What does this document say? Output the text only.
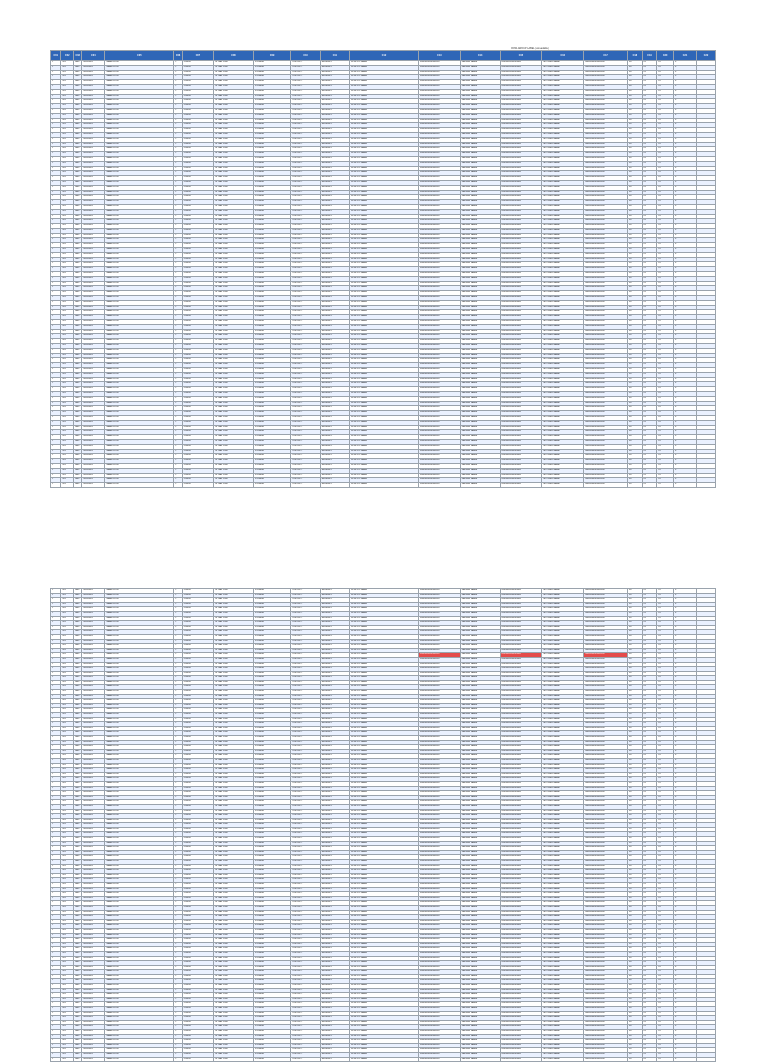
ROW-GROUP LABEL (unreadable)
C01	C02	C03	C04	C05	C06	C07	C08	C09	C10	C11	C12	C13	C14	C15	C16	C17	C18	C19	C20	C21	C22
1	001	PAD	00000001	NAME ROW	L	PLACE	01 JAN 2000	VILLAGE	DISTRICT	REGENCY	SCHOOL NAME	0000000000000000	FATHER NAME	0000000000000000	MOTHER NAME	0000000000000000	00	01	01	0	
1	001	PAD	00000001	NAME ROW	L	PLACE	01 JAN 2000	VILLAGE	DISTRICT	REGENCY	SCHOOL NAME	0000000000000000	FATHER NAME	0000000000000000	MOTHER NAME	0000000000000000	00	01	01	0	
1	001	PAD	00000001	NAME ROW	L	PLACE	01 JAN 2000	VILLAGE	DISTRICT	REGENCY	SCHOOL NAME	0000000000000000	FATHER NAME	0000000000000000	MOTHER NAME	0000000000000000	00	01	01	0	
1	001	PAD	00000001	NAME ROW	L	PLACE	01 JAN 2000	VILLAGE	DISTRICT	REGENCY	SCHOOL NAME	0000000000000000	FATHER NAME	0000000000000000	MOTHER NAME	0000000000000000	00	01	01	0	
1	001	PAD	00000001	NAME ROW	L	PLACE	01 JAN 2000	VILLAGE	DISTRICT	REGENCY	SCHOOL NAME	0000000000000000	FATHER NAME	0000000000000000	MOTHER NAME	0000000000000000	00	01	01	0	
1	001	PAD	00000001	NAME ROW	L	PLACE	01 JAN 2000	VILLAGE	DISTRICT	REGENCY	SCHOOL NAME	0000000000000000	FATHER NAME	0000000000000000	MOTHER NAME	0000000000000000	00	01	01	0	
1	001	PAD	00000001	NAME ROW	L	PLACE	01 JAN 2000	VILLAGE	DISTRICT	REGENCY	SCHOOL NAME	0000000000000000	FATHER NAME	0000000000000000	MOTHER NAME	0000000000000000	00	01	01	0	
1	001	PAD	00000001	NAME ROW	L	PLACE	01 JAN 2000	VILLAGE	DISTRICT	REGENCY	SCHOOL NAME	0000000000000000	FATHER NAME	0000000000000000	MOTHER NAME	0000000000000000	00	01	01	0	
1	001	PAD	00000001	NAME ROW	L	PLACE	01 JAN 2000	VILLAGE	DISTRICT	REGENCY	SCHOOL NAME	0000000000000000	FATHER NAME	0000000000000000	MOTHER NAME	0000000000000000	00	01	01	0	
1	001	PAD	00000001	NAME ROW	L	PLACE	01 JAN 2000	VILLAGE	DISTRICT	REGENCY	SCHOOL NAME	0000000000000000	FATHER NAME	0000000000000000	MOTHER NAME	0000000000000000	00	01	01	0	
1	001	PAD	00000001	NAME ROW	L	PLACE	01 JAN 2000	VILLAGE	DISTRICT	REGENCY	SCHOOL NAME	0000000000000000	FATHER NAME	0000000000000000	MOTHER NAME	0000000000000000	00	01	01	0	
1	001	PAD	00000001	NAME ROW	L	PLACE	01 JAN 2000	VILLAGE	DISTRICT	REGENCY	SCHOOL NAME	0000000000000000	FATHER NAME	0000000000000000	MOTHER NAME	0000000000000000	00	01	01	0	
1	001	PAD	00000001	NAME ROW	L	PLACE	01 JAN 2000	VILLAGE	DISTRICT	REGENCY	SCHOOL NAME	0000000000000000	FATHER NAME	0000000000000000	MOTHER NAME	0000000000000000	00	01	01	0	
1	001	PAD	00000001	NAME ROW	L	PLACE	01 JAN 2000	VILLAGE	DISTRICT	REGENCY	SCHOOL NAME	0000000000000000	FATHER NAME	0000000000000000	MOTHER NAME	0000000000000000	00	01	01	0	
1	001	PAD	00000001	NAME ROW	L	PLACE	01 JAN 2000	VILLAGE	DISTRICT	REGENCY	SCHOOL NAME	0000000000000000	FATHER NAME	0000000000000000	MOTHER NAME	0000000000000000	00	01	01	0	
1	001	PAD	00000001	NAME ROW	L	PLACE	01 JAN 2000	VILLAGE	DISTRICT	REGENCY	SCHOOL NAME	0000000000000000	FATHER NAME	0000000000000000	MOTHER NAME	0000000000000000	00	01	01	0	
1	001	PAD	00000001	NAME ROW	L	PLACE	01 JAN 2000	VILLAGE	DISTRICT	REGENCY	SCHOOL NAME	0000000000000000	FATHER NAME	0000000000000000	MOTHER NAME	0000000000000000	00	01	01	0	
1	001	PAD	00000001	NAME ROW	L	PLACE	01 JAN 2000	VILLAGE	DISTRICT	REGENCY	SCHOOL NAME	0000000000000000	FATHER NAME	0000000000000000	MOTHER NAME	0000000000000000	00	01	01	0	
1	001	PAD	00000001	NAME ROW	L	PLACE	01 JAN 2000	VILLAGE	DISTRICT	REGENCY	SCHOOL NAME	0000000000000000	FATHER NAME	0000000000000000	MOTHER NAME	0000000000000000	00	01	01	0	
1	001	PAD	00000001	NAME ROW	L	PLACE	01 JAN 2000	VILLAGE	DISTRICT	REGENCY	SCHOOL NAME	0000000000000000	FATHER NAME	0000000000000000	MOTHER NAME	0000000000000000	00	01	01	0	
1	001	PAD	00000001	NAME ROW	L	PLACE	01 JAN 2000	VILLAGE	DISTRICT	REGENCY	SCHOOL NAME	0000000000000000	FATHER NAME	0000000000000000	MOTHER NAME	0000000000000000	00	01	01	0	
1	001	PAD	00000001	NAME ROW	L	PLACE	01 JAN 2000	VILLAGE	DISTRICT	REGENCY	SCHOOL NAME	0000000000000000	FATHER NAME	0000000000000000	MOTHER NAME	0000000000000000	00	01	01	0	
1	001	PAD	00000001	NAME ROW	L	PLACE	01 JAN 2000	VILLAGE	DISTRICT	REGENCY	SCHOOL NAME	0000000000000000	FATHER NAME	0000000000000000	MOTHER NAME	0000000000000000	00	01	01	0	
1	001	PAD	00000001	NAME ROW	L	PLACE	01 JAN 2000	VILLAGE	DISTRICT	REGENCY	SCHOOL NAME	0000000000000000	FATHER NAME	0000000000000000	MOTHER NAME	0000000000000000	00	01	01	0	
1	001	PAD	00000001	NAME ROW	L	PLACE	01 JAN 2000	VILLAGE	DISTRICT	REGENCY	SCHOOL NAME	0000000000000000	FATHER NAME	0000000000000000	MOTHER NAME	0000000000000000	00	01	01	0	
1	001	PAD	00000001	NAME ROW	L	PLACE	01 JAN 2000	VILLAGE	DISTRICT	REGENCY	SCHOOL NAME	0000000000000000	FATHER NAME	0000000000000000	MOTHER NAME	0000000000000000	00	01	01	0	
1	001	PAD	00000001	NAME ROW	L	PLACE	01 JAN 2000	VILLAGE	DISTRICT	REGENCY	SCHOOL NAME	0000000000000000	FATHER NAME	0000000000000000	MOTHER NAME	0000000000000000	00	01	01	0	
1	001	PAD	00000001	NAME ROW	L	PLACE	01 JAN 2000	VILLAGE	DISTRICT	REGENCY	SCHOOL NAME	0000000000000000	FATHER NAME	0000000000000000	MOTHER NAME	0000000000000000	00	01	01	0	
1	001	PAD	00000001	NAME ROW	L	PLACE	01 JAN 2000	VILLAGE	DISTRICT	REGENCY	SCHOOL NAME	0000000000000000	FATHER NAME	0000000000000000	MOTHER NAME	0000000000000000	00	01	01	0	
1	001	PAD	00000001	NAME ROW	L	PLACE	01 JAN 2000	VILLAGE	DISTRICT	REGENCY	SCHOOL NAME	0000000000000000	FATHER NAME	0000000000000000	MOTHER NAME	0000000000000000	00	01	01	0	
1	001	PAD	00000001	NAME ROW	L	PLACE	01 JAN 2000	VILLAGE	DISTRICT	REGENCY	SCHOOL NAME	0000000000000000	FATHER NAME	0000000000000000	MOTHER NAME	0000000000000000	00	01	01	0	
1	001	PAD	00000001	NAME ROW	L	PLACE	01 JAN 2000	VILLAGE	DISTRICT	REGENCY	SCHOOL NAME	0000000000000000	FATHER NAME	0000000000000000	MOTHER NAME	0000000000000000	00	01	01	0	
1	001	PAD	00000001	NAME ROW	L	PLACE	01 JAN 2000	VILLAGE	DISTRICT	REGENCY	SCHOOL NAME	0000000000000000	FATHER NAME	0000000000000000	MOTHER NAME	0000000000000000	00	01	01	0	
1	001	PAD	00000001	NAME ROW	L	PLACE	01 JAN 2000	VILLAGE	DISTRICT	REGENCY	SCHOOL NAME	0000000000000000	FATHER NAME	0000000000000000	MOTHER NAME	0000000000000000	00	01	01	0	
1	001	PAD	00000001	NAME ROW	L	PLACE	01 JAN 2000	VILLAGE	DISTRICT	REGENCY	SCHOOL NAME	0000000000000000	FATHER NAME	0000000000000000	MOTHER NAME	0000000000000000	00	01	01	0	
1	001	PAD	00000001	NAME ROW	L	PLACE	01 JAN 2000	VILLAGE	DISTRICT	REGENCY	SCHOOL NAME	0000000000000000	FATHER NAME	0000000000000000	MOTHER NAME	0000000000000000	00	01	01	0	
1	001	PAD	00000001	NAME ROW	L	PLACE	01 JAN 2000	VILLAGE	DISTRICT	REGENCY	SCHOOL NAME	0000000000000000	FATHER NAME	0000000000000000	MOTHER NAME	0000000000000000	00	01	01	0	
1	001	PAD	00000001	NAME ROW	L	PLACE	01 JAN 2000	VILLAGE	DISTRICT	REGENCY	SCHOOL NAME	0000000000000000	FATHER NAME	0000000000000000	MOTHER NAME	0000000000000000	00	01	01	0	
1	001	PAD	00000001	NAME ROW	L	PLACE	01 JAN 2000	VILLAGE	DISTRICT	REGENCY	SCHOOL NAME	0000000000000000	FATHER NAME	0000000000000000	MOTHER NAME	0000000000000000	00	01	01	0	
1	001	PAD	00000001	NAME ROW	L	PLACE	01 JAN 2000	VILLAGE	DISTRICT	REGENCY	SCHOOL NAME	0000000000000000	FATHER NAME	0000000000000000	MOTHER NAME	0000000000000000	00	01	01	0	
1	001	PAD	00000001	NAME ROW	L	PLACE	01 JAN 2000	VILLAGE	DISTRICT	REGENCY	SCHOOL NAME	0000000000000000	FATHER NAME	0000000000000000	MOTHER NAME	0000000000000000	00	01	01	0	
1	001	PAD	00000001	NAME ROW	L	PLACE	01 JAN 2000	VILLAGE	DISTRICT	REGENCY	SCHOOL NAME	0000000000000000	FATHER NAME	0000000000000000	MOTHER NAME	0000000000000000	00	01	01	0	
1	001	PAD	00000001	NAME ROW	L	PLACE	01 JAN 2000	VILLAGE	DISTRICT	REGENCY	SCHOOL NAME	0000000000000000	FATHER NAME	0000000000000000	MOTHER NAME	0000000000000000	00	01	01	0	
1	001	PAD	00000001	NAME ROW	L	PLACE	01 JAN 2000	VILLAGE	DISTRICT	REGENCY	SCHOOL NAME	0000000000000000	FATHER NAME	0000000000000000	MOTHER NAME	0000000000000000	00	01	01	0	
1	001	PAD	00000001	NAME ROW	L	PLACE	01 JAN 2000	VILLAGE	DISTRICT	REGENCY	SCHOOL NAME	0000000000000000	FATHER NAME	0000000000000000	MOTHER NAME	0000000000000000	00	01	01	0	
1	001	PAD	00000001	NAME ROW	L	PLACE	01 JAN 2000	VILLAGE	DISTRICT	REGENCY	SCHOOL NAME	0000000000000000	FATHER NAME	0000000000000000	MOTHER NAME	0000000000000000	00	01	01	0	
1	001	PAD	00000001	NAME ROW	L	PLACE	01 JAN 2000	VILLAGE	DISTRICT	REGENCY	SCHOOL NAME	0000000000000000	FATHER NAME	0000000000000000	MOTHER NAME	0000000000000000	00	01	01	0	
1	001	PAD	00000001	NAME ROW	L	PLACE	01 JAN 2000	VILLAGE	DISTRICT	REGENCY	SCHOOL NAME	0000000000000000	FATHER NAME	0000000000000000	MOTHER NAME	0000000000000000	00	01	01	0	
1	001	PAD	00000001	NAME ROW	L	PLACE	01 JAN 2000	VILLAGE	DISTRICT	REGENCY	SCHOOL NAME	0000000000000000	FATHER NAME	0000000000000000	MOTHER NAME	0000000000000000	00	01	01	0	
1	001	PAD	00000001	NAME ROW	L	PLACE	01 JAN 2000	VILLAGE	DISTRICT	REGENCY	SCHOOL NAME	0000000000000000	FATHER NAME	0000000000000000	MOTHER NAME	0000000000000000	00	01	01	0	
1	001	PAD	00000001	NAME ROW	L	PLACE	01 JAN 2000	VILLAGE	DISTRICT	REGENCY	SCHOOL NAME	0000000000000000	FATHER NAME	0000000000000000	MOTHER NAME	0000000000000000	00	01	01	0	
1	001	PAD	00000001	NAME ROW	L	PLACE	01 JAN 2000	VILLAGE	DISTRICT	REGENCY	SCHOOL NAME	0000000000000000	FATHER NAME	0000000000000000	MOTHER NAME	0000000000000000	00	01	01	0	
1	001	PAD	00000001	NAME ROW	L	PLACE	01 JAN 2000	VILLAGE	DISTRICT	REGENCY	SCHOOL NAME	0000000000000000	FATHER NAME	0000000000000000	MOTHER NAME	0000000000000000	00	01	01	0	
1	001	PAD	00000001	NAME ROW	L	PLACE	01 JAN 2000	VILLAGE	DISTRICT	REGENCY	SCHOOL NAME	0000000000000000	FATHER NAME	0000000000000000	MOTHER NAME	0000000000000000	00	01	01	0	
1	001	PAD	00000001	NAME ROW	L	PLACE	01 JAN 2000	VILLAGE	DISTRICT	REGENCY	SCHOOL NAME	0000000000000000	FATHER NAME	0000000000000000	MOTHER NAME	0000000000000000	00	01	01	0	
1	001	PAD	00000001	NAME ROW	L	PLACE	01 JAN 2000	VILLAGE	DISTRICT	REGENCY	SCHOOL NAME	0000000000000000	FATHER NAME	0000000000000000	MOTHER NAME	0000000000000000	00	01	01	0	
1	001	PAD	00000001	NAME ROW	L	PLACE	01 JAN 2000	VILLAGE	DISTRICT	REGENCY	SCHOOL NAME	0000000000000000	FATHER NAME	0000000000000000	MOTHER NAME	0000000000000000	00	01	01	0	
1	001	PAD	00000001	NAME ROW	L	PLACE	01 JAN 2000	VILLAGE	DISTRICT	REGENCY	SCHOOL NAME	0000000000000000	FATHER NAME	0000000000000000	MOTHER NAME	0000000000000000	00	01	01	0	
1	001	PAD	00000001	NAME ROW	L	PLACE	01 JAN 2000	VILLAGE	DISTRICT	REGENCY	SCHOOL NAME	0000000000000000	FATHER NAME	0000000000000000	MOTHER NAME	0000000000000000	00	01	01	0	
1	001	PAD	00000001	NAME ROW	L	PLACE	01 JAN 2000	VILLAGE	DISTRICT	REGENCY	SCHOOL NAME	0000000000000000	FATHER NAME	0000000000000000	MOTHER NAME	0000000000000000	00	01	01	0	
1	001	PAD	00000001	NAME ROW	L	PLACE	01 JAN 2000	VILLAGE	DISTRICT	REGENCY	SCHOOL NAME	0000000000000000	FATHER NAME	0000000000000000	MOTHER NAME	0000000000000000	00	01	01	0	
1	001	PAD	00000001	NAME ROW	L	PLACE	01 JAN 2000	VILLAGE	DISTRICT	REGENCY	SCHOOL NAME	0000000000000000	FATHER NAME	0000000000000000	MOTHER NAME	0000000000000000	00	01	01	0	
1	001	PAD	00000001	NAME ROW	L	PLACE	01 JAN 2000	VILLAGE	DISTRICT	REGENCY	SCHOOL NAME	0000000000000000	FATHER NAME	0000000000000000	MOTHER NAME	0000000000000000	00	01	01	0	
1	001	PAD	00000001	NAME ROW	L	PLACE	01 JAN 2000	VILLAGE	DISTRICT	REGENCY	SCHOOL NAME	0000000000000000	FATHER NAME	0000000000000000	MOTHER NAME	0000000000000000	00	01	01	0	
1	001	PAD	00000001	NAME ROW	L	PLACE	01 JAN 2000	VILLAGE	DISTRICT	REGENCY	SCHOOL NAME	0000000000000000	FATHER NAME	0000000000000000	MOTHER NAME	0000000000000000	00	01	01	0	
1	001	PAD	00000001	NAME ROW	L	PLACE	01 JAN 2000	VILLAGE	DISTRICT	REGENCY	SCHOOL NAME	0000000000000000	FATHER NAME	0000000000000000	MOTHER NAME	0000000000000000	00	01	01	0	
1	001	PAD	00000001	NAME ROW	L	PLACE	01 JAN 2000	VILLAGE	DISTRICT	REGENCY	SCHOOL NAME	0000000000000000	FATHER NAME	0000000000000000	MOTHER NAME	0000000000000000	00	01	01	0	
1	001	PAD	00000001	NAME ROW	L	PLACE	01 JAN 2000	VILLAGE	DISTRICT	REGENCY	SCHOOL NAME	0000000000000000	FATHER NAME	0000000000000000	MOTHER NAME	0000000000000000	00	01	01	0	
1	001	PAD	00000001	NAME ROW	L	PLACE	01 JAN 2000	VILLAGE	DISTRICT	REGENCY	SCHOOL NAME	0000000000000000	FATHER NAME	0000000000000000	MOTHER NAME	0000000000000000	00	01	01	0	
1	001	PAD	00000001	NAME ROW	L	PLACE	01 JAN 2000	VILLAGE	DISTRICT	REGENCY	SCHOOL NAME	0000000000000000	FATHER NAME	0000000000000000	MOTHER NAME	0000000000000000	00	01	01	0	
1	001	PAD	00000001	NAME ROW	L	PLACE	01 JAN 2000	VILLAGE	DISTRICT	REGENCY	SCHOOL NAME	0000000000000000	FATHER NAME	0000000000000000	MOTHER NAME	0000000000000000	00	01	01	0	
1	001	PAD	00000001	NAME ROW	L	PLACE	01 JAN 2000	VILLAGE	DISTRICT	REGENCY	SCHOOL NAME	0000000000000000	FATHER NAME	0000000000000000	MOTHER NAME	0000000000000000	00	01	01	0	
1	001	PAD	00000001	NAME ROW	L	PLACE	01 JAN 2000	VILLAGE	DISTRICT	REGENCY	SCHOOL NAME	0000000000000000	FATHER NAME	0000000000000000	MOTHER NAME	0000000000000000	00	01	01	0	
1	001	PAD	00000001	NAME ROW	L	PLACE	01 JAN 2000	VILLAGE	DISTRICT	REGENCY	SCHOOL NAME	0000000000000000	FATHER NAME	0000000000000000	MOTHER NAME	0000000000000000	00	01	01	0	
1	001	PAD	00000001	NAME ROW	L	PLACE	01 JAN 2000	VILLAGE	DISTRICT	REGENCY	SCHOOL NAME	0000000000000000	FATHER NAME	0000000000000000	MOTHER NAME	0000000000000000	00	01	01	0	
1	001	PAD	00000001	NAME ROW	L	PLACE	01 JAN 2000	VILLAGE	DISTRICT	REGENCY	SCHOOL NAME	0000000000000000	FATHER NAME	0000000000000000	MOTHER NAME	0000000000000000	00	01	01	0	
1	001	PAD	00000001	NAME ROW	L	PLACE	01 JAN 2000	VILLAGE	DISTRICT	REGENCY	SCHOOL NAME	0000000000000000	FATHER NAME	0000000000000000	MOTHER NAME	0000000000000000	00	01	01	0	
1	001	PAD	00000001	NAME ROW	L	PLACE	01 JAN 2000	VILLAGE	DISTRICT	REGENCY	SCHOOL NAME	0000000000000000	FATHER NAME	0000000000000000	MOTHER NAME	0000000000000000	00	01	01	0	
1	001	PAD	00000001	NAME ROW	L	PLACE	01 JAN 2000	VILLAGE	DISTRICT	REGENCY	SCHOOL NAME	0000000000000000	FATHER NAME	0000000000000000	MOTHER NAME	0000000000000000	00	01	01	0	
1	001	PAD	00000001	NAME ROW	L	PLACE	01 JAN 2000	VILLAGE	DISTRICT	REGENCY	SCHOOL NAME	0000000000000000	FATHER NAME	0000000000000000	MOTHER NAME	0000000000000000	00	01	01	0	
1	001	PAD	00000001	NAME ROW	L	PLACE	01 JAN 2000	VILLAGE	DISTRICT	REGENCY	SCHOOL NAME	0000000000000000	FATHER NAME	0000000000000000	MOTHER NAME	0000000000000000	00	01	01	0	
1	001	PAD	00000001	NAME ROW	L	PLACE	01 JAN 2000	VILLAGE	DISTRICT	REGENCY	SCHOOL NAME	0000000000000000	FATHER NAME	0000000000000000	MOTHER NAME	0000000000000000	00	01	01	0	
1	001	PAD	00000001	NAME ROW	L	PLACE	01 JAN 2000	VILLAGE	DISTRICT	REGENCY	SCHOOL NAME	0000000000000000	FATHER NAME	0000000000000000	MOTHER NAME	0000000000000000	00	01	01	0	
1	001	PAD	00000001	NAME ROW	L	PLACE	01 JAN 2000	VILLAGE	DISTRICT	REGENCY	SCHOOL NAME	0000000000000000	FATHER NAME	0000000000000000	MOTHER NAME	0000000000000000	00	01	01	0	
1	001	PAD	00000001	NAME ROW	L	PLACE	01 JAN 2000	VILLAGE	DISTRICT	REGENCY	SCHOOL NAME	0000000000000000	FATHER NAME	0000000000000000	MOTHER NAME	0000000000000000	00	01	01	0	
1	001	PAD	00000001	NAME ROW	L	PLACE	01 JAN 2000	VILLAGE	DISTRICT	REGENCY	SCHOOL NAME	0000000000000000	FATHER NAME	0000000000000000	MOTHER NAME	0000000000000000	00	01	01	0	
1	001	PAD	00000001	NAME ROW	L	PLACE	01 JAN 2000	VILLAGE	DISTRICT	REGENCY	SCHOOL NAME	0000000000000000	FATHER NAME	0000000000000000	MOTHER NAME	0000000000000000	00	01	01	0	
1	001	PAD	00000001	NAME ROW	L	PLACE	01 JAN 2000	VILLAGE	DISTRICT	REGENCY	SCHOOL NAME	0000000000000000	FATHER NAME	0000000000000000	MOTHER NAME	0000000000000000	00	01	01	0	
1	001	PAD	00000001	NAME ROW	L	PLACE	01 JAN 2000	VILLAGE	DISTRICT	REGENCY	SCHOOL NAME	0000000000000000	FATHER NAME	0000000000000000	MOTHER NAME	0000000000000000	00	01	01	0	
1	001	PAD	00000001	NAME ROW	L	PLACE	01 JAN 2000	VILLAGE	DISTRICT	REGENCY	SCHOOL NAME	0000000000000000	FATHER NAME	0000000000000000	MOTHER NAME	0000000000000000	00	01	01	0	
1	001	PAD	00000001	NAME ROW	L	PLACE	01 JAN 2000	VILLAGE	DISTRICT	REGENCY	SCHOOL NAME	0000000000000000	FATHER NAME	0000000000000000	MOTHER NAME	0000000000000000	00	01	01	0	
1	001	PAD	00000001	NAME ROW	L	PLACE	01 JAN 2000	VILLAGE	DISTRICT	REGENCY	SCHOOL NAME	0000000000000000	FATHER NAME	0000000000000000	MOTHER NAME	0000000000000000	00	01	01	0	
1	001	PAD	00000001	NAME ROW	L	PLACE	01 JAN 2000	VILLAGE	DISTRICT	REGENCY	SCHOOL NAME	0000000000000000	FATHER NAME	0000000000000000	MOTHER NAME	0000000000000000	00	01	01	0	
1	001	PAD	00000001	NAME ROW	L	PLACE	01 JAN 2000	VILLAGE	DISTRICT	REGENCY	SCHOOL NAME	0000000000000000	FATHER NAME	0000000000000000	MOTHER NAME	0000000000000000	00	01	01	0	
1	001	PAD	00000001	NAME ROW	L	PLACE	01 JAN 2000	VILLAGE	DISTRICT	REGENCY	SCHOOL NAME	0000000000000000	FATHER NAME	0000000000000000	MOTHER NAME	0000000000000000	00	01	01	0	
1	001	PAD	00000001	NAME ROW	L	PLACE	01 JAN 2000	VILLAGE	DISTRICT	REGENCY	SCHOOL NAME	0000000000000000	FATHER NAME	0000000000000000	MOTHER NAME	0000000000000000	00	01	01	0	
1	001	PAD	00000001	NAME ROW	L	PLACE	01 JAN 2000	VILLAGE	DISTRICT	REGENCY	SCHOOL NAME	0000000000000000	FATHER NAME	0000000000000000	MOTHER NAME	0000000000000000	00	01	01	0	
1	001	PAD	00000001	NAME ROW	L	PLACE	01 JAN 2000	VILLAGE	DISTRICT	REGENCY	SCHOOL NAME	0000000000000000	FATHER NAME	0000000000000000	MOTHER NAME	0000000000000000	00	01	01	0	
1	001	PAD	00000001	NAME ROW	L	PLACE	01 JAN 2000	VILLAGE	DISTRICT	REGENCY	SCHOOL NAME	0000000000000000	FATHER NAME	0000000000000000	MOTHER NAME	0000000000000000	00	01	01	0	
1	001	PAD	00000001	NAME ROW	L	PLACE	01 JAN 2000	VILLAGE	DISTRICT	REGENCY	SCHOOL NAME	0000000000000000	FATHER NAME	0000000000000000	MOTHER NAME	0000000000000000	00	01	01	0	
1	001	PAD	00000001	NAME ROW	L	PLACE	01 JAN 2000	VILLAGE	DISTRICT	REGENCY	SCHOOL NAME	0000000000000000	FATHER NAME	0000000000000000	MOTHER NAME	0000000000000000	00	01	01	0	
1	001	PAD	00000001	NAME ROW	L	PLACE	01 JAN 2000	VILLAGE	DISTRICT	REGENCY	SCHOOL NAME	0000000000000000	FATHER NAME	0000000000000000	MOTHER NAME	0000000000000000	00	01	01	0	
1	001	PAD	00000001	NAME ROW	L	PLACE	01 JAN 2000	VILLAGE	DISTRICT	REGENCY	SCHOOL NAME	0000000000000000	FATHER NAME	0000000000000000	MOTHER NAME	0000000000000000	00	01	01	0	
1	001	PAD	00000001	NAME ROW	L	PLACE	01 JAN 2000	VILLAGE	DISTRICT	REGENCY	SCHOOL NAME	0000000000000000	FATHER NAME	0000000000000000	MOTHER NAME	0000000000000000	00	01	01	0	
1	001	PAD	00000001	NAME ROW	L	PLACE	01 JAN 2000	VILLAGE	DISTRICT	REGENCY	SCHOOL NAME	0000000000000000	FATHER NAME	0000000000000000	MOTHER NAME	0000000000000000	00	01	01	0	
1	001	PAD	00000001	NAME ROW	L	PLACE	01 JAN 2000	VILLAGE	DISTRICT	REGENCY	SCHOOL NAME	0000000000000000	FATHER NAME	0000000000000000	MOTHER NAME	0000000000000000	00	01	01	0	
1	001	PAD	00000001	NAME ROW	L	PLACE	01 JAN 2000	VILLAGE	DISTRICT	REGENCY	SCHOOL NAME	0000000000000000	FATHER NAME	0000000000000000	MOTHER NAME	0000000000000000	00	01	01	0	
1	001	PAD	00000001	NAME ROW	L	PLACE	01 JAN 2000	VILLAGE	DISTRICT	REGENCY	SCHOOL NAME	0000000000000000	FATHER NAME	0000000000000000	MOTHER NAME	0000000000000000	00	01	01	0	
1	001	PAD	00000001	NAME ROW	L	PLACE	01 JAN 2000	VILLAGE	DISTRICT	REGENCY	SCHOOL NAME	0000000000000000	FATHER NAME	0000000000000000	MOTHER NAME	0000000000000000	00	01	01	0	
1	001	PAD	00000001	NAME ROW	L	PLACE	01 JAN 2000	VILLAGE	DISTRICT	REGENCY	SCHOOL NAME	0000000000000000	FATHER NAME	0000000000000000	MOTHER NAME	0000000000000000	00	01	01	0	
1	001	PAD	00000001	NAME ROW	L	PLACE	01 JAN 2000	VILLAGE	DISTRICT	REGENCY	SCHOOL NAME	0000000000000000	FATHER NAME	0000000000000000	MOTHER NAME	0000000000000000	00	01	01	0	
1	001	PAD	00000001	NAME ROW	L	PLACE	01 JAN 2000	VILLAGE	DISTRICT	REGENCY	SCHOOL NAME	0000000000000000	FATHER NAME	0000000000000000	MOTHER NAME	0000000000000000	00	01	01	0	
1	001	PAD	00000001	NAME ROW	L	PLACE	01 JAN 2000	VILLAGE	DISTRICT	REGENCY	SCHOOL NAME	0000000000000000	FATHER NAME	0000000000000000	MOTHER NAME	0000000000000000	00	01	01	0	
1	001	PAD	00000001	NAME ROW	L	PLACE	01 JAN 2000	VILLAGE	DISTRICT	REGENCY	SCHOOL NAME	0000000000000000	FATHER NAME	0000000000000000	MOTHER NAME	0000000000000000	00	01	01	0	
1	001	PAD	00000001	NAME ROW	L	PLACE	01 JAN 2000	VILLAGE	DISTRICT	REGENCY	SCHOOL NAME	0000000000000000	FATHER NAME	0000000000000000	MOTHER NAME	0000000000000000	00	01	01	0	
1	001	PAD	00000001	NAME ROW	L	PLACE	01 JAN 2000	VILLAGE	DISTRICT	REGENCY	SCHOOL NAME	0000000000000000	FATHER NAME	0000000000000000	MOTHER NAME	0000000000000000	00	01	01	0	
1	001	PAD	00000001	NAME ROW	L	PLACE	01 JAN 2000	VILLAGE	DISTRICT	REGENCY	SCHOOL NAME	0000000000000000	FATHER NAME	0000000000000000	MOTHER NAME	0000000000000000	00	01	01	0	
1	001	PAD	00000001	NAME ROW	L	PLACE	01 JAN 2000	VILLAGE	DISTRICT	REGENCY	SCHOOL NAME	0000000000000000	FATHER NAME	0000000000000000	MOTHER NAME	0000000000000000	00	01	01	0	
1	001	PAD	00000001	NAME ROW	L	PLACE	01 JAN 2000	VILLAGE	DISTRICT	REGENCY	SCHOOL NAME	0000000000000000	FATHER NAME	0000000000000000	MOTHER NAME	0000000000000000	00	01	01	0	
1	001	PAD	00000001	NAME ROW	L	PLACE	01 JAN 2000	VILLAGE	DISTRICT	REGENCY	SCHOOL NAME	0000000000000000	FATHER NAME	0000000000000000	MOTHER NAME	0000000000000000	00	01	01	0	
1	001	PAD	00000001	NAME ROW	L	PLACE	01 JAN 2000	VILLAGE	DISTRICT	REGENCY	SCHOOL NAME	0000000000000000	FATHER NAME	0000000000000000	MOTHER NAME	0000000000000000	00	01	01	0	
1	001	PAD	00000001	NAME ROW	L	PLACE	01 JAN 2000	VILLAGE	DISTRICT	REGENCY	SCHOOL NAME	0000000000000000	FATHER NAME	0000000000000000	MOTHER NAME	0000000000000000	00	01	01	0	
1	001	PAD	00000001	NAME ROW	L	PLACE	01 JAN 2000	VILLAGE	DISTRICT	REGENCY	SCHOOL NAME	0000000000000000	FATHER NAME	0000000000000000	MOTHER NAME	0000000000000000	00	01	01	0	
1	001	PAD	00000001	NAME ROW	L	PLACE	01 JAN 2000	VILLAGE	DISTRICT	REGENCY	SCHOOL NAME	0000000000000000	FATHER NAME	0000000000000000	MOTHER NAME	0000000000000000	00	01	01	0	
1	001	PAD	00000001	NAME ROW	L	PLACE	01 JAN 2000	VILLAGE	DISTRICT	REGENCY	SCHOOL NAME	0000000000000000	FATHER NAME	0000000000000000	MOTHER NAME	0000000000000000	00	01	01	0	
1	001	PAD	00000001	NAME ROW	L	PLACE	01 JAN 2000	VILLAGE	DISTRICT	REGENCY	SCHOOL NAME	0000000000000000	FATHER NAME	0000000000000000	MOTHER NAME	0000000000000000	00	01	01	0	
1	001	PAD	00000001	NAME ROW	L	PLACE	01 JAN 2000	VILLAGE	DISTRICT	REGENCY	SCHOOL NAME	0000000000000000	FATHER NAME	0000000000000000	MOTHER NAME	0000000000000000	00	01	01	0	
1	001	PAD	00000001	NAME ROW	L	PLACE	01 JAN 2000	VILLAGE	DISTRICT	REGENCY	SCHOOL NAME	0000000000000000	FATHER NAME	0000000000000000	MOTHER NAME	0000000000000000	00	01	01	0	
1	001	PAD	00000001	NAME ROW	L	PLACE	01 JAN 2000	VILLAGE	DISTRICT	REGENCY	SCHOOL NAME	0000000000000000	FATHER NAME	0000000000000000	MOTHER NAME	0000000000000000	00	01	01	0	
1	001	PAD	00000001	NAME ROW	L	PLACE	01 JAN 2000	VILLAGE	DISTRICT	REGENCY	SCHOOL NAME	0000000000000000	FATHER NAME	0000000000000000	MOTHER NAME	0000000000000000	00	01	01	0	
1	001	PAD	00000001	NAME ROW	L	PLACE	01 JAN 2000	VILLAGE	DISTRICT	REGENCY	SCHOOL NAME	0000000000000000	FATHER NAME	0000000000000000	MOTHER NAME	0000000000000000	00	01	01	0	
1	001	PAD	00000001	NAME ROW	L	PLACE	01 JAN 2000	VILLAGE	DISTRICT	REGENCY	SCHOOL NAME	0000000000000000	FATHER NAME	0000000000000000	MOTHER NAME	0000000000000000	00	01	01	0	
1	001	PAD	00000001	NAME ROW	L	PLACE	01 JAN 2000	VILLAGE	DISTRICT	REGENCY	SCHOOL NAME	0000000000000000	FATHER NAME	0000000000000000	MOTHER NAME	0000000000000000	00	01	01	0	
1	001	PAD	00000001	NAME ROW	L	PLACE	01 JAN 2000	VILLAGE	DISTRICT	REGENCY	SCHOOL NAME	0000000000000000	FATHER NAME	0000000000000000	MOTHER NAME	0000000000000000	00	01	01	0	
1	001	PAD	00000001	NAME ROW	L	PLACE	01 JAN 2000	VILLAGE	DISTRICT	REGENCY	SCHOOL NAME	0000000000000000	FATHER NAME	0000000000000000	MOTHER NAME	0000000000000000	00	01	01	0	
1	001	PAD	00000001	NAME ROW	L	PLACE	01 JAN 2000	VILLAGE	DISTRICT	REGENCY	SCHOOL NAME	0000000000000000	FATHER NAME	0000000000000000	MOTHER NAME	0000000000000000	00	01	01	0	
1	001	PAD	00000001	NAME ROW	L	PLACE	01 JAN 2000	VILLAGE	DISTRICT	REGENCY	SCHOOL NAME	0000000000000000	FATHER NAME	0000000000000000	MOTHER NAME	0000000000000000	00	01	01	0	
1	001	PAD	00000001	NAME ROW	L	PLACE	01 JAN 2000	VILLAGE	DISTRICT	REGENCY	SCHOOL NAME	0000000000000000	FATHER NAME	0000000000000000	MOTHER NAME	0000000000000000	00	01	01	0	
1	001	PAD	00000001	NAME ROW	L	PLACE	01 JAN 2000	VILLAGE	DISTRICT	REGENCY	SCHOOL NAME	0000000000000000	FATHER NAME	0000000000000000	MOTHER NAME	0000000000000000	00	01	01	0	
1	001	PAD	00000001	NAME ROW	L	PLACE	01 JAN 2000	VILLAGE	DISTRICT	REGENCY	SCHOOL NAME	0000000000000000	FATHER NAME	0000000000000000	MOTHER NAME	0000000000000000	00	01	01	0	
1	001	PAD	00000001	NAME ROW	L	PLACE	01 JAN 2000	VILLAGE	DISTRICT	REGENCY	SCHOOL NAME	0000000000000000	FATHER NAME	0000000000000000	MOTHER NAME	0000000000000000	00	01	01	0	
1	001	PAD	00000001	NAME ROW	L	PLACE	01 JAN 2000	VILLAGE	DISTRICT	REGENCY	SCHOOL NAME	0000000000000000	FATHER NAME	0000000000000000	MOTHER NAME	0000000000000000	00	01	01	0	
1	001	PAD	00000001	NAME ROW	L	PLACE	01 JAN 2000	VILLAGE	DISTRICT	REGENCY	SCHOOL NAME	0000000000000000	FATHER NAME	0000000000000000	MOTHER NAME	0000000000000000	00	01	01	0	
1	001	PAD	00000001	NAME ROW	L	PLACE	01 JAN 2000	VILLAGE	DISTRICT	REGENCY	SCHOOL NAME	0000000000000000	FATHER NAME	0000000000000000	MOTHER NAME	0000000000000000	00	01	01	0	
1	001	PAD	00000001	NAME ROW	L	PLACE	01 JAN 2000	VILLAGE	DISTRICT	REGENCY	SCHOOL NAME	0000000000000000	FATHER NAME	0000000000000000	MOTHER NAME	0000000000000000	00	01	01	0	
1	001	PAD	00000001	NAME ROW	L	PLACE	01 JAN 2000	VILLAGE	DISTRICT	REGENCY	SCHOOL NAME	0000000000000000	FATHER NAME	0000000000000000	MOTHER NAME	0000000000000000	00	01	01	0	
1	001	PAD	00000001	NAME ROW	L	PLACE	01 JAN 2000	VILLAGE	DISTRICT	REGENCY	SCHOOL NAME	0000000000000000	FATHER NAME	0000000000000000	MOTHER NAME	0000000000000000	00	01	01	0	
1	001	PAD	00000001	NAME ROW	L	PLACE	01 JAN 2000	VILLAGE	DISTRICT	REGENCY	SCHOOL NAME	0000000000000000	FATHER NAME	0000000000000000	MOTHER NAME	0000000000000000	00	01	01	0	
1	001	PAD	00000001	NAME ROW	L	PLACE	01 JAN 2000	VILLAGE	DISTRICT	REGENCY	SCHOOL NAME	0000000000000000	FATHER NAME	0000000000000000	MOTHER NAME	0000000000000000	00	01	01	0	
1	001	PAD	00000001	NAME ROW	L	PLACE	01 JAN 2000	VILLAGE	DISTRICT	REGENCY	SCHOOL NAME	0000000000000000	FATHER NAME	0000000000000000	MOTHER NAME	0000000000000000	00	01	01	0	
1	001	PAD	00000001	NAME ROW	L	PLACE	01 JAN 2000	VILLAGE	DISTRICT	REGENCY	SCHOOL NAME	0000000000000000	FATHER NAME	0000000000000000	MOTHER NAME	0000000000000000	00	01	01	0	
1	001	PAD	00000001	NAME ROW	L	PLACE	01 JAN 2000	VILLAGE	DISTRICT	REGENCY	SCHOOL NAME	0000000000000000	FATHER NAME	0000000000000000	MOTHER NAME	0000000000000000	00	01	01	0	
1	001	PAD	00000001	NAME ROW	L	PLACE	01 JAN 2000	VILLAGE	DISTRICT	REGENCY	SCHOOL NAME	0000000000000000	FATHER NAME	0000000000000000	MOTHER NAME	0000000000000000	00	01	01	0	
1	001	PAD	00000001	NAME ROW	L	PLACE	01 JAN 2000	VILLAGE	DISTRICT	REGENCY	SCHOOL NAME	0000000000000000	FATHER NAME	0000000000000000	MOTHER NAME	0000000000000000	00	01	01	0	
1	001	PAD	00000001	NAME ROW	L	PLACE	01 JAN 2000	VILLAGE	DISTRICT	REGENCY	SCHOOL NAME	0000000000000000	FATHER NAME	0000000000000000	MOTHER NAME	0000000000000000	00	01	01	0	
1	001	PAD	00000001	NAME ROW	L	PLACE	01 JAN 2000	VILLAGE	DISTRICT	REGENCY	SCHOOL NAME	0000000000000000	FATHER NAME	0000000000000000	MOTHER NAME	0000000000000000	00	01	01	0	
1	001	PAD	00000001	NAME ROW	L	PLACE	01 JAN 2000	VILLAGE	DISTRICT	REGENCY	SCHOOL NAME	0000000000000000	FATHER NAME	0000000000000000	MOTHER NAME	0000000000000000	00	01	01	0	
1	001	PAD	00000001	NAME ROW	L	PLACE	01 JAN 2000	VILLAGE	DISTRICT	REGENCY	SCHOOL NAME	0000000000000000	FATHER NAME	0000000000000000	MOTHER NAME	0000000000000000	00	01	01	0	
1	001	PAD	00000001	NAME ROW	L	PLACE	01 JAN 2000	VILLAGE	DISTRICT	REGENCY	SCHOOL NAME	0000000000000000	FATHER NAME	0000000000000000	MOTHER NAME	0000000000000000	00	01	01	0	
1	001	PAD	00000001	NAME ROW	L	PLACE	01 JAN 2000	VILLAGE	DISTRICT	REGENCY	SCHOOL NAME	0000000000000000	FATHER NAME	0000000000000000	MOTHER NAME	0000000000000000	00	01	01	0	
1	001	PAD	00000001	NAME ROW	L	PLACE	01 JAN 2000	VILLAGE	DISTRICT	REGENCY	SCHOOL NAME	0000000000000000	FATHER NAME	0000000000000000	MOTHER NAME	0000000000000000	00	01	01	0	
1	001	PAD	00000001	NAME ROW	L	PLACE	01 JAN 2000	VILLAGE	DISTRICT	REGENCY	SCHOOL NAME	0000000000000000	FATHER NAME	0000000000000000	MOTHER NAME	0000000000000000	00	01	01	0	
1	001	PAD	00000001	NAME ROW	L	PLACE	01 JAN 2000	VILLAGE	DISTRICT	REGENCY	SCHOOL NAME	0000000000000000	FATHER NAME	0000000000000000	MOTHER NAME	0000000000000000	00	01	01	0	
1	001	PAD	00000001	NAME ROW	L	PLACE	01 JAN 2000	VILLAGE	DISTRICT	REGENCY	SCHOOL NAME	0000000000000000	FATHER NAME	0000000000000000	MOTHER NAME	0000000000000000	00	01	01	0	
1	001	PAD	00000001	NAME ROW	L	PLACE	01 JAN 2000	VILLAGE	DISTRICT	REGENCY	SCHOOL NAME	0000000000000000	FATHER NAME	0000000000000000	MOTHER NAME	0000000000000000	00	01	01	0	
1	001	PAD	00000001	NAME ROW	L	PLACE	01 JAN 2000	VILLAGE	DISTRICT	REGENCY	SCHOOL NAME	0000000000000000	FATHER NAME	0000000000000000	MOTHER NAME	0000000000000000	00	01	01	0	
1	001	PAD	00000001	NAME ROW	L	PLACE	01 JAN 2000	VILLAGE	DISTRICT	REGENCY	SCHOOL NAME	0000000000000000	FATHER NAME	0000000000000000	MOTHER NAME	0000000000000000	00	01	01	0	
1	001	PAD	00000001	NAME ROW	L	PLACE	01 JAN 2000	VILLAGE	DISTRICT	REGENCY	SCHOOL NAME	0000000000000000	FATHER NAME	0000000000000000	MOTHER NAME	0000000000000000	00	01	01	0	
1	001	PAD	00000001	NAME ROW	L	PLACE	01 JAN 2000	VILLAGE	DISTRICT	REGENCY	SCHOOL NAME	0000000000000000	FATHER NAME	0000000000000000	MOTHER NAME	0000000000000000	00	01	01	0	
1	001	PAD	00000001	NAME ROW	L	PLACE	01 JAN 2000	VILLAGE	DISTRICT	REGENCY	SCHOOL NAME	0000000000000000	FATHER NAME	0000000000000000	MOTHER NAME	0000000000000000	00	01	01	0	
1	001	PAD	00000001	NAME ROW	L	PLACE	01 JAN 2000	VILLAGE	DISTRICT	REGENCY	SCHOOL NAME	0000000000000000	FATHER NAME	0000000000000000	MOTHER NAME	0000000000000000	00	01	01	0	
1	001	PAD	00000001	NAME ROW	L	PLACE	01 JAN 2000	VILLAGE	DISTRICT	REGENCY	SCHOOL NAME	0000000000000000	FATHER NAME	0000000000000000	MOTHER NAME	0000000000000000	00	01	01	0	
1	001	PAD	00000001	NAME ROW	L	PLACE	01 JAN 2000	VILLAGE	DISTRICT	REGENCY	SCHOOL NAME	0000000000000000	FATHER NAME	0000000000000000	MOTHER NAME	0000000000000000	00	01	01	0	
1	001	PAD	00000001	NAME ROW	L	PLACE	01 JAN 2000	VILLAGE	DISTRICT	REGENCY	SCHOOL NAME	0000000000000000	FATHER NAME	0000000000000000	MOTHER NAME	0000000000000000	00	01	01	0	
1	001	PAD	00000001	NAME ROW	L	PLACE	01 JAN 2000	VILLAGE	DISTRICT	REGENCY	SCHOOL NAME	0000000000000000	FATHER NAME	0000000000000000	MOTHER NAME	0000000000000000	00	01	01	0	
1	001	PAD	00000001	NAME ROW	L	PLACE	01 JAN 2000	VILLAGE	DISTRICT	REGENCY	SCHOOL NAME	0000000000000000	FATHER NAME	0000000000000000	MOTHER NAME	0000000000000000	00	01	01	0	
1	001	PAD	00000001	NAME ROW	L	PLACE	01 JAN 2000	VILLAGE	DISTRICT	REGENCY	SCHOOL NAME	0000000000000000	FATHER NAME	0000000000000000	MOTHER NAME	0000000000000000	00	01	01	0	
1	001	PAD	00000001	NAME ROW	L	PLACE	01 JAN 2000	VILLAGE	DISTRICT	REGENCY	SCHOOL NAME	0000000000000000	FATHER NAME	0000000000000000	MOTHER NAME	0000000000000000	00	01	01	0	
1	001	PAD	00000001	NAME ROW	L	PLACE	01 JAN 2000	VILLAGE	DISTRICT	REGENCY	SCHOOL NAME	0000000000000000	FATHER NAME	0000000000000000	MOTHER NAME	0000000000000000	00	01	01	0	
1	001	PAD	00000001	NAME ROW	L	PLACE	01 JAN 2000	VILLAGE	DISTRICT	REGENCY	SCHOOL NAME	0000000000000000	FATHER NAME	0000000000000000	MOTHER NAME	0000000000000000	00	01	01	0	
1	001	PAD	00000001	NAME ROW	L	PLACE	01 JAN 2000	VILLAGE	DISTRICT	REGENCY	SCHOOL NAME	0000000000000000	FATHER NAME	0000000000000000	MOTHER NAME	0000000000000000	00	01	01	0	
1	001	PAD	00000001	NAME ROW	L	PLACE	01 JAN 2000	VILLAGE	DISTRICT	REGENCY	SCHOOL NAME	0000000000000000	FATHER NAME	0000000000000000	MOTHER NAME	0000000000000000	00	01	01	0	
1	001	PAD	00000001	NAME ROW	L	PLACE	01 JAN 2000	VILLAGE	DISTRICT	REGENCY	SCHOOL NAME	0000000000000000	FATHER NAME	0000000000000000	MOTHER NAME	0000000000000000	00	01	01	0	
1	001	PAD	00000001	NAME ROW	L	PLACE	01 JAN 2000	VILLAGE	DISTRICT	REGENCY	SCHOOL NAME	0000000000000000	FATHER NAME	0000000000000000	MOTHER NAME	0000000000000000	00	01	01	0	
1	001	PAD	00000001	NAME ROW	L	PLACE	01 JAN 2000	VILLAGE	DISTRICT	REGENCY	SCHOOL NAME	0000000000000000	FATHER NAME	0000000000000000	MOTHER NAME	0000000000000000	00	01	01	0	
1	001	PAD	00000001	NAME ROW	L	PLACE	01 JAN 2000	VILLAGE	DISTRICT	REGENCY	SCHOOL NAME	0000000000000000	FATHER NAME	0000000000000000	MOTHER NAME	0000000000000000	00	01	01	0	
1	001	PAD	00000001	NAME ROW	L	PLACE	01 JAN 2000	VILLAGE	DISTRICT	REGENCY	SCHOOL NAME	0000000000000000	FATHER NAME	0000000000000000	MOTHER NAME	0000000000000000	00	01	01	0	
1	001	PAD	00000001	NAME ROW	L	PLACE	01 JAN 2000	VILLAGE	DISTRICT	REGENCY	SCHOOL NAME	0000000000000000	FATHER NAME	0000000000000000	MOTHER NAME	0000000000000000	00	01	01	0	
1	001	PAD	00000001	NAME ROW	L	PLACE	01 JAN 2000	VILLAGE	DISTRICT	REGENCY	SCHOOL NAME	0000000000000000	FATHER NAME	0000000000000000	MOTHER NAME	0000000000000000	00	01	01	0	
1	001	PAD	00000001	NAME ROW	L	PLACE	01 JAN 2000	VILLAGE	DISTRICT	REGENCY	SCHOOL NAME	0000000000000000	FATHER NAME	0000000000000000	MOTHER NAME	0000000000000000	00	01	01	0	
1	001	PAD	00000001	NAME ROW	L	PLACE	01 JAN 2000	VILLAGE	DISTRICT	REGENCY	SCHOOL NAME	0000000000000000	FATHER NAME	0000000000000000	MOTHER NAME	0000000000000000	00	01	01	0	
1	001	PAD	00000001	NAME ROW	L	PLACE	01 JAN 2000	VILLAGE	DISTRICT	REGENCY	SCHOOL NAME	0000000000000000	FATHER NAME	0000000000000000	MOTHER NAME	0000000000000000	00	01	01	0	
